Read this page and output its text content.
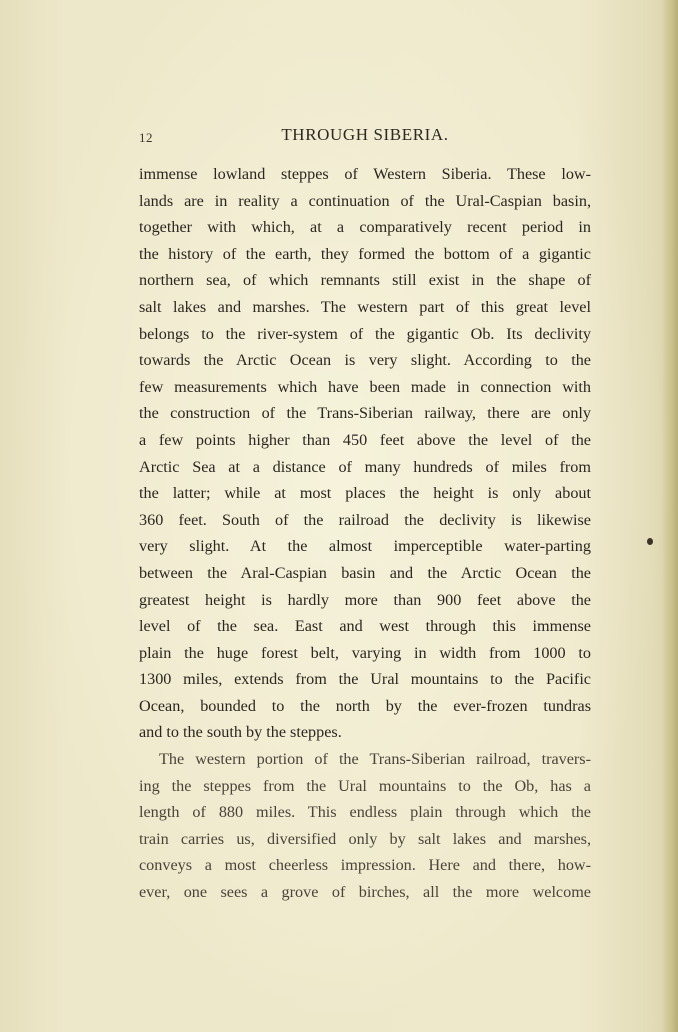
12	THROUGH SIBERIA.
immense lowland steppes of Western Siberia. These low-
lands are in reality a continuation of the Ural-Caspian basin,
together with which, at a comparatively recent period in
the history of the earth, they formed the bottom of a gigantic
northern sea, of which remnants still exist in the shape of
salt lakes and marshes. The western part of this great level
belongs to the river-system of the gigantic Ob. Its declivity
towards the Arctic Ocean is very slight. According to the
few measurements which have been made in connection with
the construction of the Trans-Siberian railway, there are only
a few points higher than 450 feet above the level of the
Arctic Sea at a distance of many hundreds of miles from
the latter; while at most places the height is only about
360 feet. South of the railroad the declivity is likewise
very slight. At the almost imperceptible water-parting
between the Aral-Caspian basin and the Arctic Ocean the
greatest height is hardly more than 900 feet above the
level of the sea. East and west through this immense
plain the huge forest belt, varying in width from 1000 to
1300 miles, extends from the Ural mountains to the Pacific
Ocean, bounded to the north by the ever-frozen tundras
and to the south by the steppes.
The western portion of the Trans-Siberian railroad, travers-
ing the steppes from the Ural mountains to the Ob, has a
length of 880 miles. This endless plain through which the
train carries us, diversified only by salt lakes and marshes,
conveys a most cheerless impression. Here and there, how-
ever, one sees a grove of birches, all the more welcome
